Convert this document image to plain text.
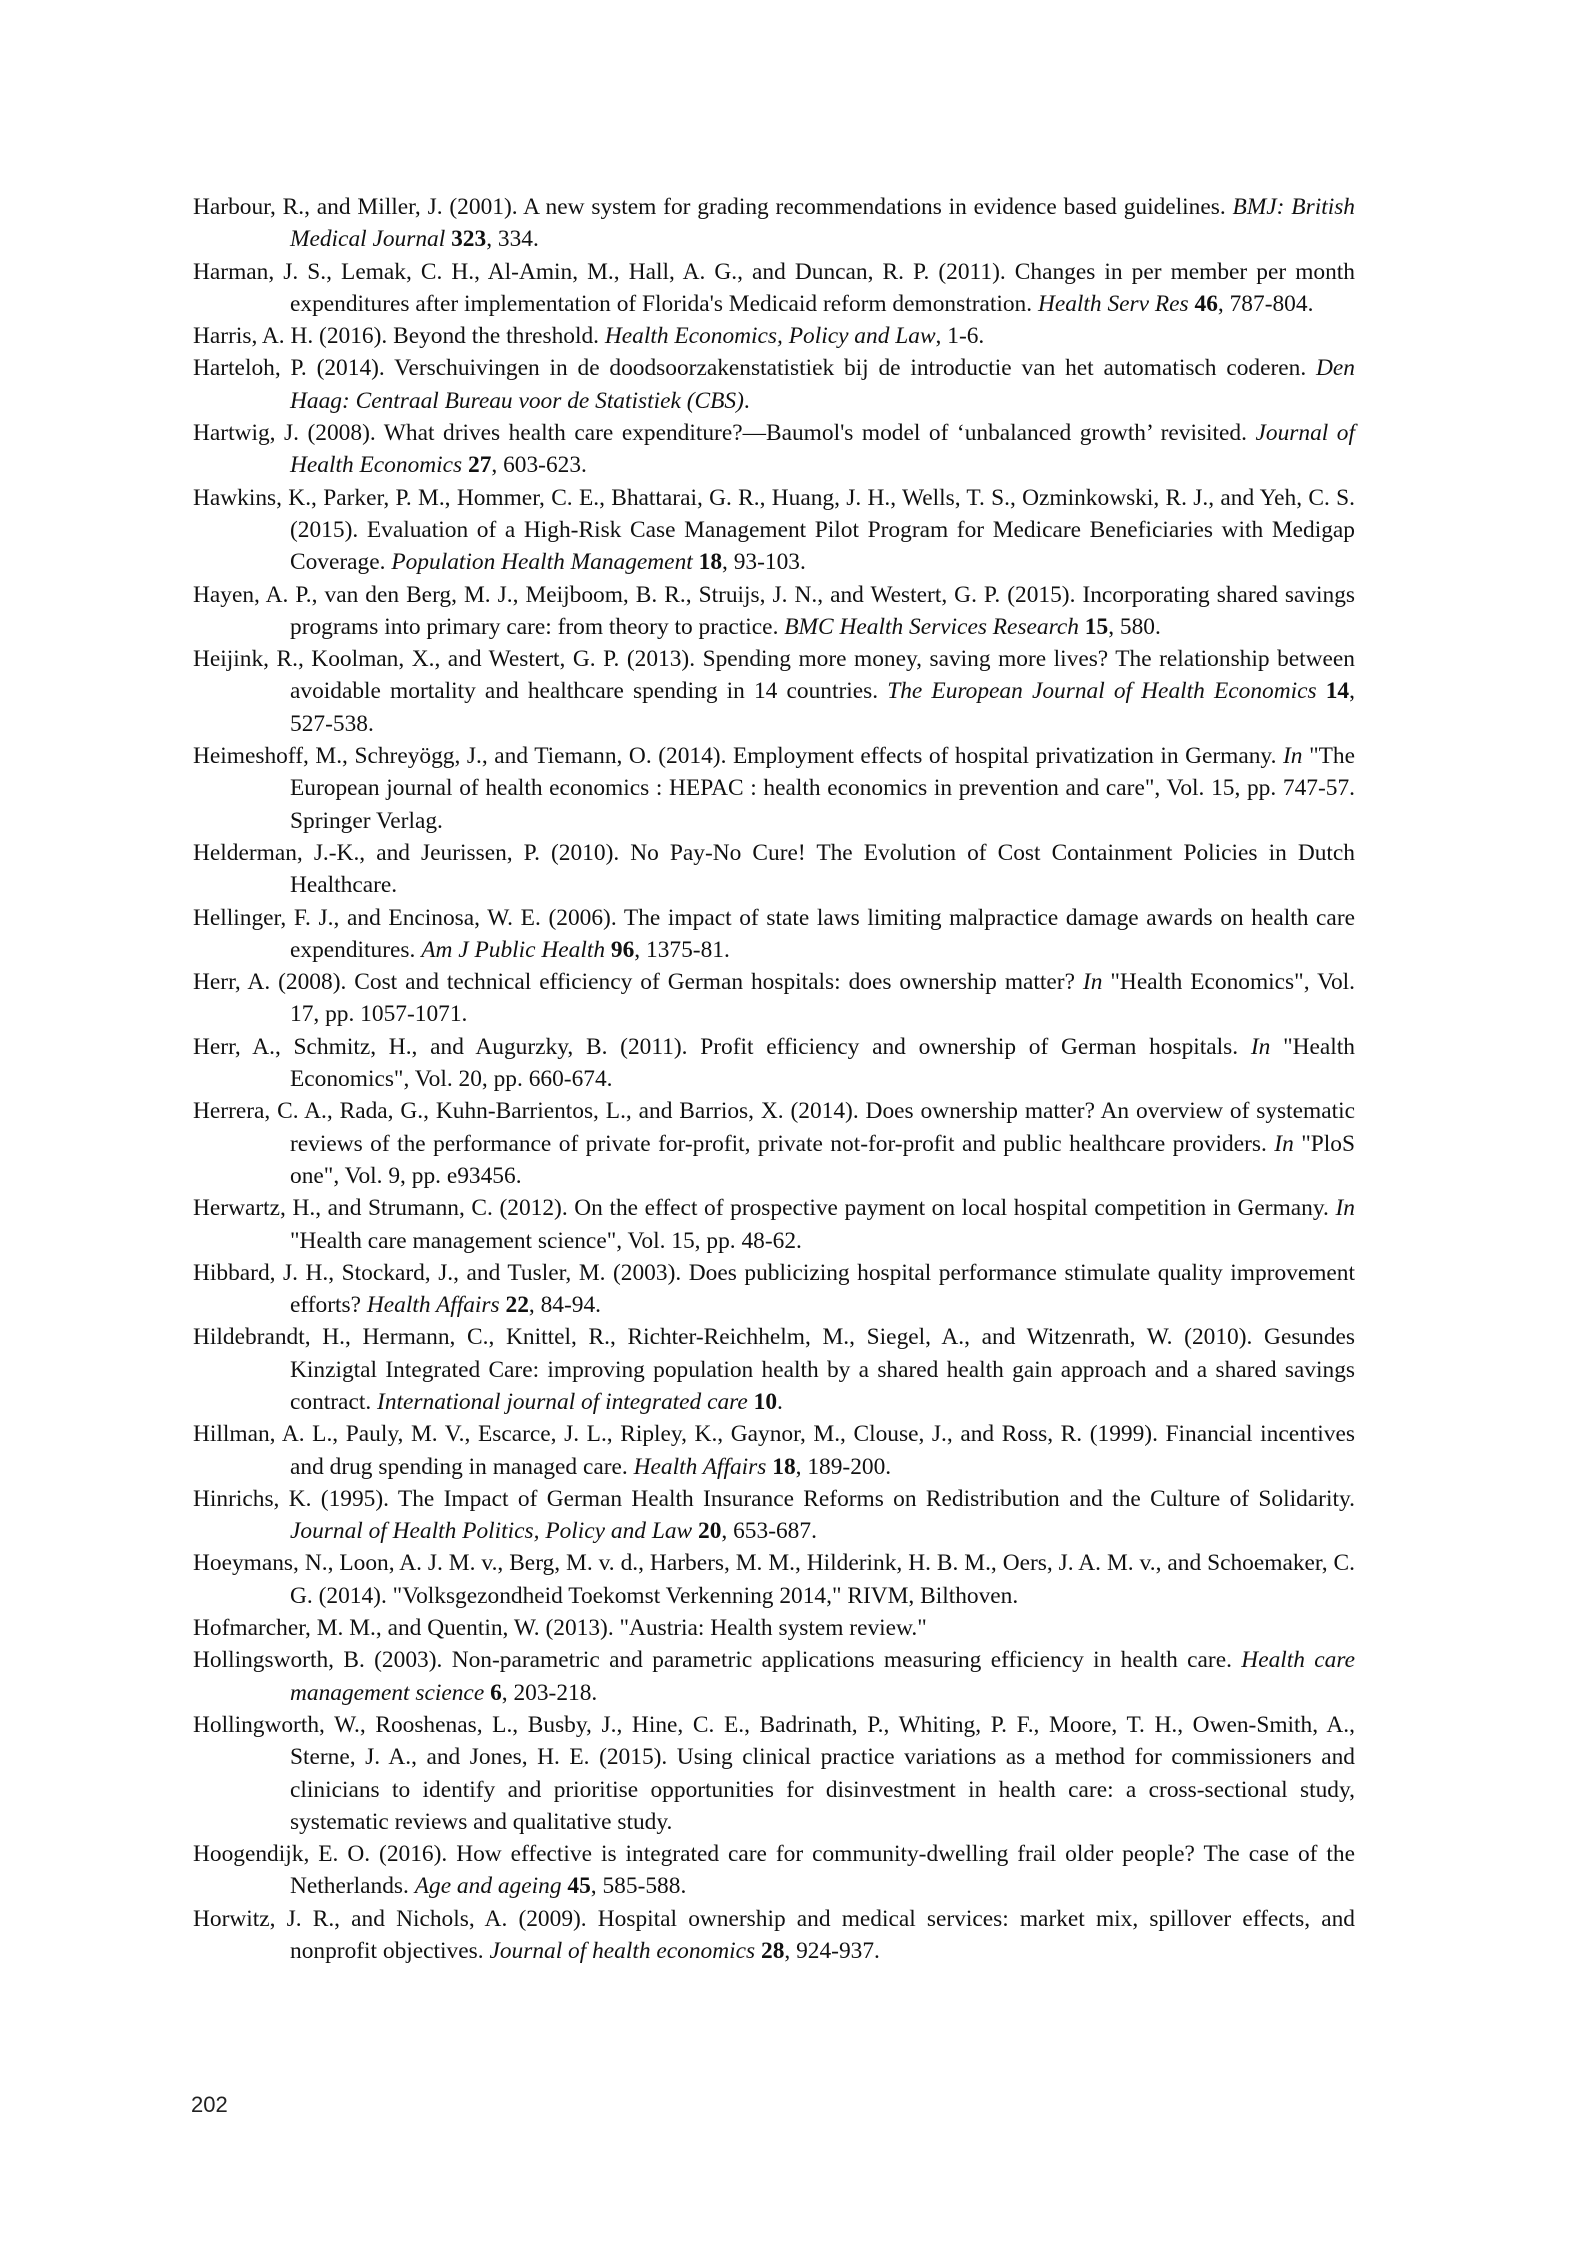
Harbour, R., and Miller, J. (2001). A new system for grading recommendations in evidence based guidelines. BMJ: British Medical Journal 323, 334.

Harman, J. S., Lemak, C. H., Al-Amin, M., Hall, A. G., and Duncan, R. P. (2011). Changes in per member per month expenditures after implementation of Florida's Medicaid reform demonstration. Health Serv Res 46, 787-804.

Harris, A. H. (2016). Beyond the threshold. Health Economics, Policy and Law, 1-6.

Harteloh, P. (2014). Verschuivingen in de doodsoorzakenstatistiek bij de introductie van het automatisch coderen. Den Haag: Centraal Bureau voor de Statistiek (CBS).

Hartwig, J. (2008). What drives health care expenditure?—Baumol's model of ‘unbalanced growth’ revisited. Journal of Health Economics 27, 603-623.

Hawkins, K., Parker, P. M., Hommer, C. E., Bhattarai, G. R., Huang, J. H., Wells, T. S., Ozminkowski, R. J., and Yeh, C. S. (2015). Evaluation of a High-Risk Case Management Pilot Program for Medicare Beneficiaries with Medigap Coverage. Population Health Management 18, 93-103.

Hayen, A. P., van den Berg, M. J., Meijboom, B. R., Struijs, J. N., and Westert, G. P. (2015). Incorporating shared savings programs into primary care: from theory to practice. BMC Health Services Research 15, 580.

Heijink, R., Koolman, X., and Westert, G. P. (2013). Spending more money, saving more lives? The relationship between avoidable mortality and healthcare spending in 14 countries. The European Journal of Health Economics 14, 527-538.

Heimeshoff, M., Schreyögg, J., and Tiemann, O. (2014). Employment effects of hospital privatization in Germany. In "The European journal of health economics : HEPAC : health economics in prevention and care", Vol. 15, pp. 747-57. Springer Verlag.

Helderman, J.-K., and Jeurissen, P. (2010). No Pay-No Cure! The Evolution of Cost Containment Policies in Dutch Healthcare.

Hellinger, F. J., and Encinosa, W. E. (2006). The impact of state laws limiting malpractice damage awards on health care expenditures. Am J Public Health 96, 1375-81.

Herr, A. (2008). Cost and technical efficiency of German hospitals: does ownership matter? In "Health Economics", Vol. 17, pp. 1057-1071.

Herr, A., Schmitz, H., and Augurzky, B. (2011). Profit efficiency and ownership of German hospitals. In "Health Economics", Vol. 20, pp. 660-674.

Herrera, C. A., Rada, G., Kuhn-Barrientos, L., and Barrios, X. (2014). Does ownership matter? An overview of systematic reviews of the performance of private for-profit, private not-for-profit and public healthcare providers. In "PloS one", Vol. 9, pp. e93456.

Herwartz, H., and Strumann, C. (2012). On the effect of prospective payment on local hospital competition in Germany. In "Health care management science", Vol. 15, pp. 48-62.

Hibbard, J. H., Stockard, J., and Tusler, M. (2003). Does publicizing hospital performance stimulate quality improvement efforts? Health Affairs 22, 84-94.

Hildebrandt, H., Hermann, C., Knittel, R., Richter-Reichhelm, M., Siegel, A., and Witzenrath, W. (2010). Gesundes Kinzigtal Integrated Care: improving population health by a shared health gain approach and a shared savings contract. International journal of integrated care 10.

Hillman, A. L., Pauly, M. V., Escarce, J. L., Ripley, K., Gaynor, M., Clouse, J., and Ross, R. (1999). Financial incentives and drug spending in managed care. Health Affairs 18, 189-200.

Hinrichs, K. (1995). The Impact of German Health Insurance Reforms on Redistribution and the Culture of Solidarity. Journal of Health Politics, Policy and Law 20, 653-687.

Hoeymans, N., Loon, A. J. M. v., Berg, M. v. d., Harbers, M. M., Hilderink, H. B. M., Oers, J. A. M. v., and Schoemaker, C. G. (2014). "Volksgezondheid Toekomst Verkenning 2014," RIVM, Bilthoven.

Hofmarcher, M. M., and Quentin, W. (2013). "Austria: Health system review."

Hollingsworth, B. (2003). Non-parametric and parametric applications measuring efficiency in health care. Health care management science 6, 203-218.

Hollingworth, W., Rooshenas, L., Busby, J., Hine, C. E., Badrinath, P., Whiting, P. F., Moore, T. H., Owen-Smith, A., Sterne, J. A., and Jones, H. E. (2015). Using clinical practice variations as a method for commissioners and clinicians to identify and prioritise opportunities for disinvestment in health care: a cross-sectional study, systematic reviews and qualitative study.

Hoogendijk, E. O. (2016). How effective is integrated care for community-dwelling frail older people? The case of the Netherlands. Age and ageing 45, 585-588.

Horwitz, J. R., and Nichols, A. (2009). Hospital ownership and medical services: market mix, spillover effects, and nonprofit objectives. Journal of health economics 28, 924-937.

202
